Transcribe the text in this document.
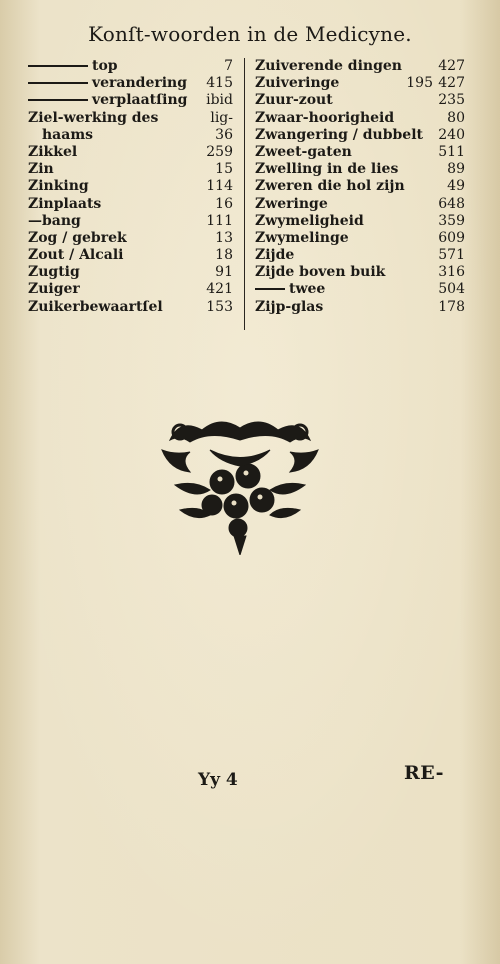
Konſt-woorden in de Medicyne.
top	7
verandering 415
verplaatſing ibid
Ziel-werking des	lig-
haams	36
Zikkel	259
Zin	15
Zinking	114
Zinplaats	16
—bang	111
Zog / gebrek	13
Zout / Alcali	18
Zugtig	91
Zuiger	421
Zuikerbewaartſel	153
Zuiverende dingen	427
Zuiveringe	195 427
Zuur-zout	235
Zwaar-hoorigheid	80
Zwangering / dubbelt 240
Zweet-gaten	511
Zwelling in de lies	89
Zweren die hol zijn	49
Zweringe	648
Zwymeligheid	359
Zwymelinge	609
Zijde	571
Zijde boven buik	316
twee	504
Zijp-glas	178
Yy 4	RE-
